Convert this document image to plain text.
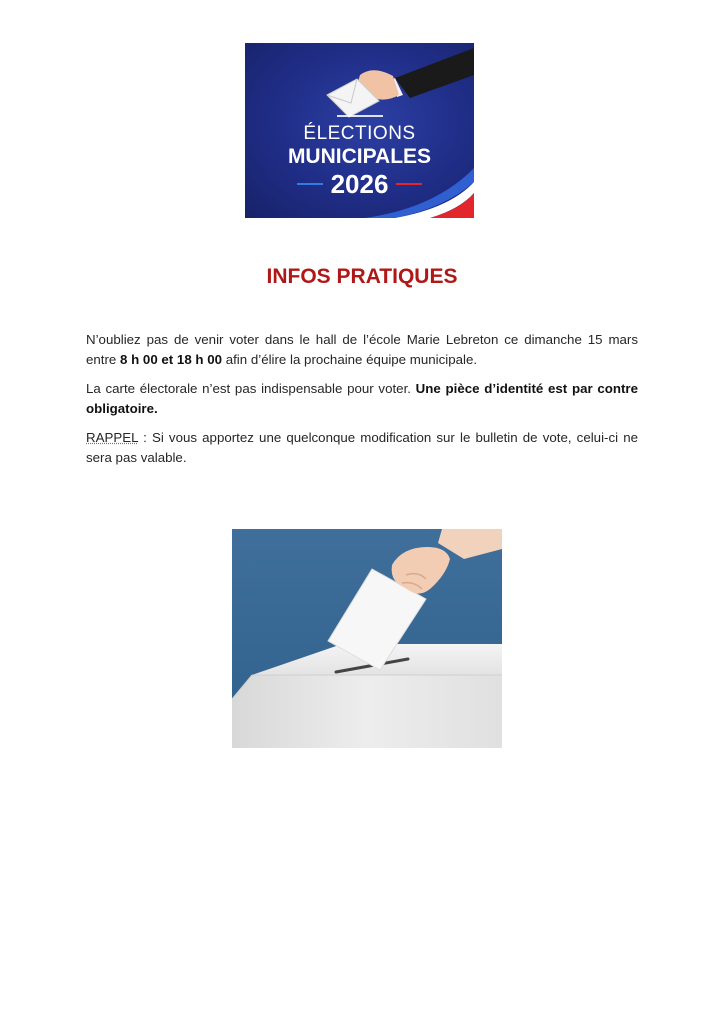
ÉLECTIONS
MUNICIPALES
2026
INFOS PRATIQUES

N’oubliez pas de venir voter dans le hall de l’école Marie Lebreton ce dimanche 15 mars entre 8 h 00 et 18 h 00 afin d’élire la prochaine équipe municipale.

La carte électorale n’est pas indispensable pour voter. Une pièce d’identité est par contre obligatoire.

RAPPEL : Si vous apportez une quelconque modification sur le bulletin de vote, celui-ci ne sera pas valable.
